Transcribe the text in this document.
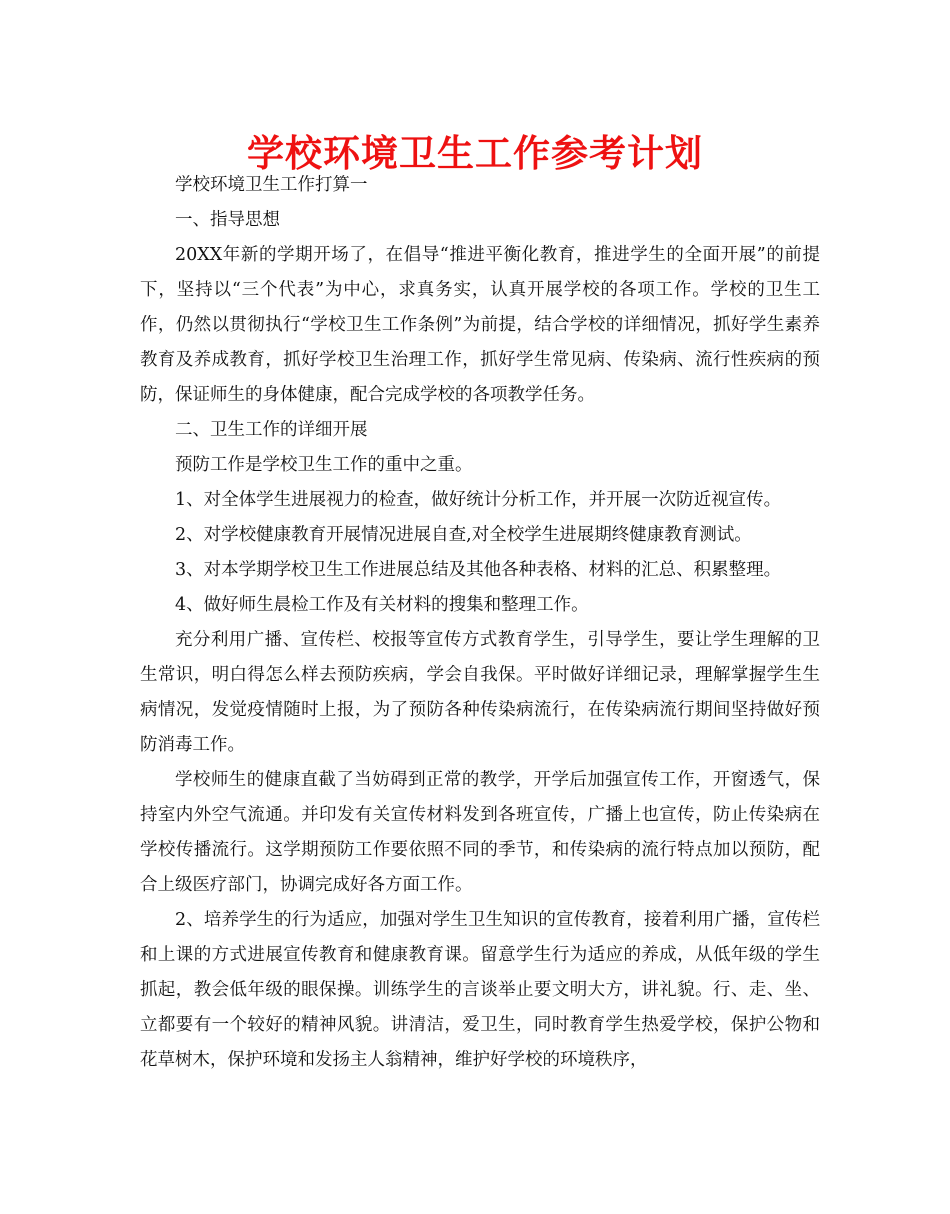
学校环境卫生工作参考计划

学校环境卫生工作打算一

一、指导思想

20XX年新的学期开场了，在倡导“推进平衡化教育，推进学生的全面开展”的前提下，坚持以“三个代表”为中心，求真务实，认真开展学校的各项工作。学校的卫生工作，仍然以贯彻执行“学校卫生工作条例”为前提，结合学校的详细情况，抓好学生素养教育及养成教育，抓好学校卫生治理工作，抓好学生常见病、传染病、流行性疾病的预防，保证师生的身体健康，配合完成学校的各项教学任务。

二、卫生工作的详细开展

预防工作是学校卫生工作的重中之重。

1、对全体学生进展视力的检查，做好统计分析工作，并开展一次防近视宣传。

2、对学校健康教育开展情况进展自查,对全校学生进展期终健康教育测试。

3、对本学期学校卫生工作进展总结及其他各种表格、材料的汇总、积累整理。

4、做好师生晨检工作及有关材料的搜集和整理工作。

充分利用广播、宣传栏、校报等宣传方式教育学生，引导学生，要让学生理解的卫生常识，明白得怎么样去预防疾病，学会自我保。平时做好详细记录，理解掌握学生生病情况，发觉疫情随时上报，为了预防各种传染病流行，在传染病流行期间坚持做好预防消毒工作。

学校师生的健康直截了当妨碍到正常的教学，开学后加强宣传工作，开窗透气，保持室内外空气流通。并印发有关宣传材料发到各班宣传，广播上也宣传，防止传染病在学校传播流行。这学期预防工作要依照不同的季节，和传染病的流行特点加以预防，配合上级医疗部门，协调完成好各方面工作。

2、培养学生的行为适应，加强对学生卫生知识的宣传教育，接着利用广播，宣传栏和上课的方式进展宣传教育和健康教育课。留意学生行为适应的养成，从低年级的学生抓起，教会低年级的眼保操。训练学生的言谈举止要文明大方，讲礼貌。行、走、坐、立都要有一个较好的精神风貌。讲清洁，爱卫生，同时教育学生热爱学校，保护公物和花草树木，保护环境和发扬主人翁精神，维护好学校的环境秩序，
